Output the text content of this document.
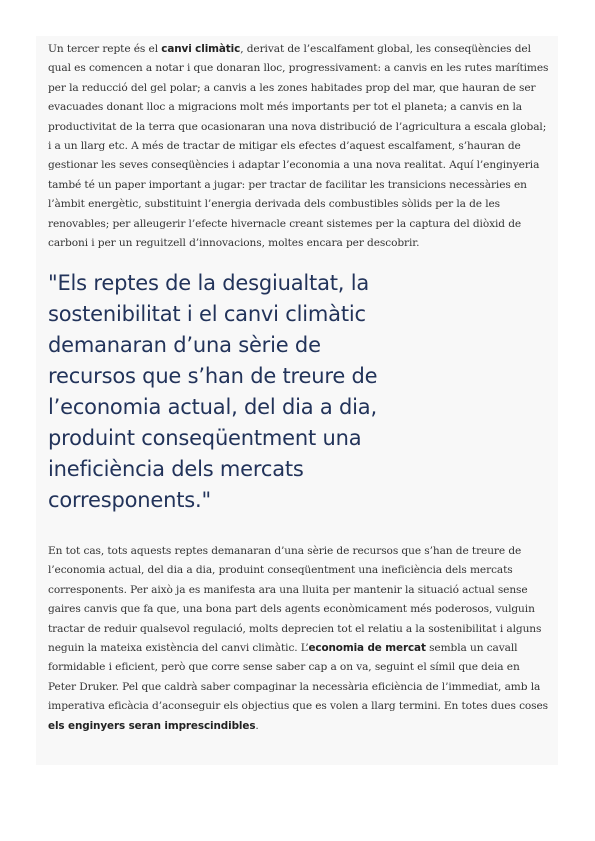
Un tercer repte és el canvi climàtic, derivat de l’escalfament global, les conseqüències del qual es comencen a notar i que donaran lloc, progressivament: a canvis en les rutes marítimes per la reducció del gel polar; a canvis a les zones habitades prop del mar, que hauran de ser evacuades donant lloc a migracions molt més importants per tot el planeta; a canvis en la productivitat de la terra que ocasionaran una nova distribució de l’agricultura a escala global; i a un llarg etc. A més de tractar de mitigar els efectes d’aquest escalfament, s’hauran de gestionar les seves conseqüències i adaptar l’economia a una nova realitat. Aquí l’enginyeria també té un paper important a jugar: per tractar de facilitar les transicions necessàries en l’àmbit energètic, substituint l’energia derivada dels combustibles sòlids per la de les renovables; per alleugerir l’efecte hivernacle creant sistemes per la captura del diòxid de carboni i per un reguitzell d’innovacions, moltes encara per descobrir.

"Els reptes de la desgiualtat, la sostenibilitat i el canvi climàtic demanaran d’una sèrie de recursos que s’han de treure de l’economia actual, del dia a dia, produint conseqüentment una ineficiència dels mercats corresponents."

En tot cas, tots aquests reptes demanaran d’una sèrie de recursos que s’han de treure de l’economia actual, del dia a dia, produint conseqüentment una ineficiència dels mercats corresponents. Per això ja es manifesta ara una lluita per mantenir la situació actual sense gaires canvis que fa que, una bona part dels agents econòmicament més poderosos, vulguin tractar de reduir qualsevol regulació, molts deprecien tot el relatiu a la sostenibilitat i alguns neguin la mateixa existència del canvi climàtic. L’economia de mercat sembla un cavall formidable i eficient, però que corre sense saber cap a on va, seguint el símil que deia en Peter Druker. Pel que caldrà saber compaginar la necessària eficiència de l’immediat, amb la imperativa eficàcia d’aconseguir els objectius que es volen a llarg termini. En totes dues coses els enginyers seran imprescindibles.
